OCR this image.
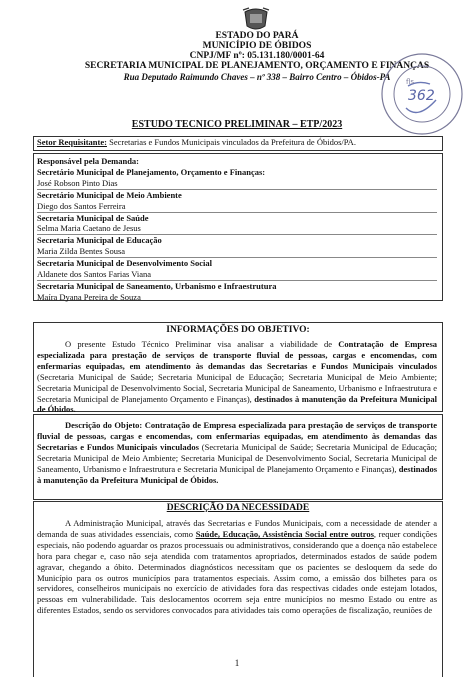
ESTADO DO PARÁ
MUNICÍPIO DE ÓBIDOS
CNPJ/MF nº: 05.131.180/0001-64
SECRETARIA MUNICIPAL DE PLANEJAMENTO, ORÇAMENTO E FINANÇAS
Rua Deputado Raimundo Chaves – nº 338 – Bairro Centro – Óbidos-PA
362
fls
ESTUDO TECNICO PRELIMINAR – ETP/2023
Setor Requisitante: Secretarias e Fundos Municipais vinculados da Prefeitura de Óbidos/PA.
Responsável pela Demanda:
Secretário Municipal de Planejamento, Orçamento e Finanças:
José Robson Pinto Dias
Secretário Municipal de Meio Ambiente
Diego dos Santos Ferreira
Secretaria Municipal de Saúde
Selma Maria Caetano de Jesus
Secretaria Municipal de Educação
Maria Zilda Bentes Sousa
Secretaria Municipal de Desenvolvimento Social
Aldanete dos Santos Farias Viana
Secretaria Municipal de Saneamento, Urbanismo e Infraestrutura
Maíra Dyana Pereira de Souza
INFORMAÇÕES DO OBJETIVO:
O presente Estudo Técnico Preliminar visa analisar a viabilidade de Contratação de Empresa especializada para prestação de serviços de transporte fluvial de pessoas, cargas e encomendas, com enfermarias equipadas, em atendimento às demandas das Secretarias e Fundos Municipais vinculados (Secretaria Municipal de Saúde; Secretaria Municipal de Educação; Secretaria Municipal de Meio Ambiente; Secretaria Municipal de Desenvolvimento Social, Secretaria Municipal de Saneamento, Urbanismo e Infraestrutura e Secretaria Municipal de Planejamento Orçamento e Finanças), destinados à manutenção da Prefeitura Municipal de Óbidos.
Descrição do Objeto: Contratação de Empresa especializada para prestação de serviços de transporte fluvial de pessoas, cargas e encomendas, com enfermarias equipadas, em atendimento às demandas das Secretarias e Fundos Municipais vinculados (Secretaria Municipal de Saúde; Secretaria Municipal de Educação; Secretaria Municipal de Meio Ambiente; Secretaria Municipal de Desenvolvimento Social, Secretaria Municipal de Saneamento, Urbanismo e Infraestrutura e Secretaria Municipal de Planejamento Orçamento e Finanças), destinados à manutenção da Prefeitura Municipal de Óbidos.
DESCRIÇÃO DA NECESSIDADE
A Administração Municipal, através das Secretarias e Fundos Municipais, com a necessidade de atender a demanda de suas atividades essenciais, como Saúde, Educação, Assistência Social entre outros, requer condições especiais, não podendo aguardar os prazos processuais ou administrativos, considerando que a doença não estabelece hora para chegar e, caso não seja atendida com tratamentos apropriados, determinados estados de saúde podem agravar, chegando a óbito. Determinados diagnósticos necessitam que os pacientes se desloquem da sede do Município para os outros municípios para tratamentos especiais. Assim como, a emissão dos bilhetes para os servidores, conselheiros municipais no exercício de atividades fora das respectivas cidades onde estejam lotados, pessoas em vulnerabilidade. Tais deslocamentos ocorrem seja entre municípios no mesmo Estado ou entre as diferentes Estados, sendo os servidores convocados para atividades tais como operações de fiscalização, reuniões de
1
